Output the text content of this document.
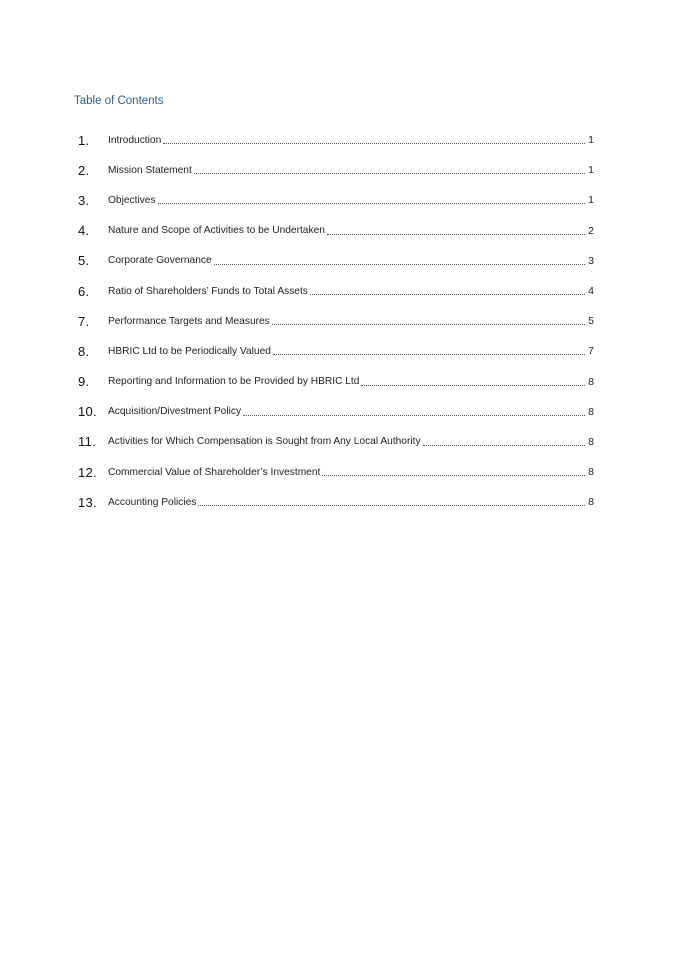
Table of Contents
1.	Introduction	1
2.	Mission Statement	1
3.	Objectives	1
4.	Nature and Scope of Activities to be Undertaken	2
5.	Corporate Governance	3
6.	Ratio of Shareholders’ Funds to Total Assets	4
7.	Performance Targets and Measures	5
8.	HBRIC Ltd to be Periodically Valued	7
9.	Reporting and Information to be Provided by HBRIC Ltd	8
10.	Acquisition/Divestment Policy	8
11.	Activities for Which Compensation is Sought from Any Local Authority	8
12.	Commercial Value of Shareholder’s Investment	8
13.	Accounting Policies	8
